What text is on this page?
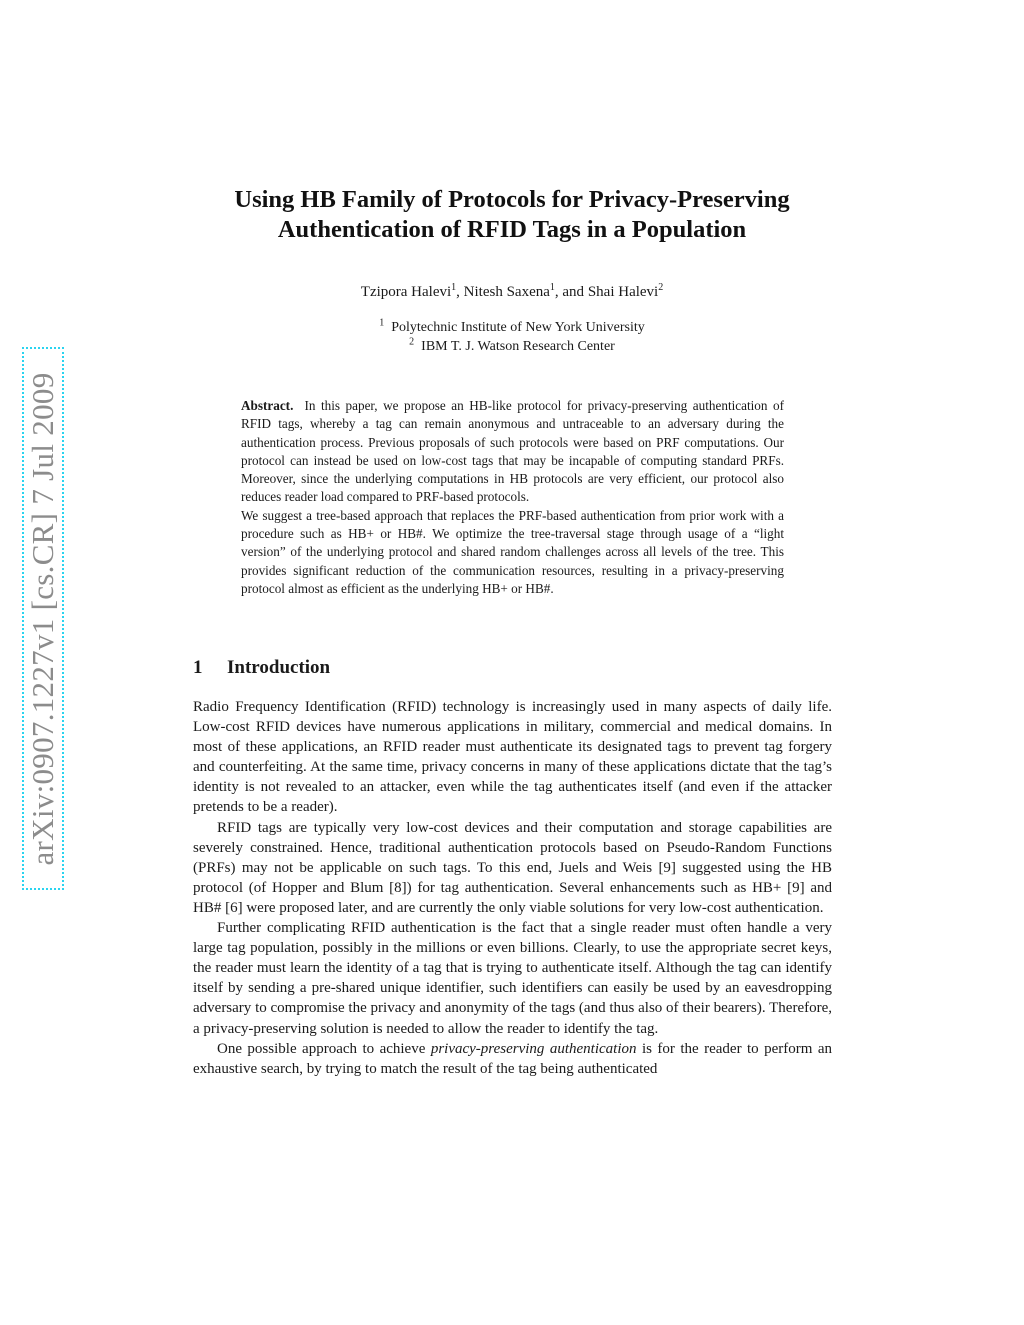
arXiv:0907.1227v1 [cs.CR] 7 Jul 2009
Using HB Family of Protocols for Privacy-Preserving
Authentication of RFID Tags in a Population
Tzipora Halevi$^1$, Nitesh Saxena$^1$, and Shai Halevi$^2$
$^1$ Polytechnic Institute of New York University
$^2$ IBM T. J. Watson Research Center

Abstract. In this paper, we propose an HB-like protocol for privacy-preserving authentication of RFID tags, whereby a tag can remain anonymous and untraceable to an adversary during the authentication process. Previous proposals of such protocols were based on PRF computations. Our protocol can instead be used on low-cost tags that may be incapable of computing standard PRFs. Moreover, since the underlying computations in HB protocols are very efficient, our protocol also reduces reader load compared to PRF-based protocols.

We suggest a tree-based approach that replaces the PRF-based authentication from prior work with a procedure such as HB+ or HB#. We optimize the tree-traversal stage through usage of a “light version” of the underlying protocol and shared random challenges across all levels of the tree. This provides significant reduction of the communication resources, resulting in a privacy-preserving protocol almost as efficient as the underlying HB+ or HB#.

1 Introduction

Radio Frequency Identification (RFID) technology is increasingly used in many aspects of daily life. Low-cost RFID devices have numerous applications in military, commercial and medical domains. In most of these applications, an RFID reader must authenticate its designated tags to prevent tag forgery and counterfeiting. At the same time, privacy concerns in many of these applications dictate that the tag’s identity is not revealed to an attacker, even while the tag authenticates itself (and even if the attacker pretends to be a reader).

RFID tags are typically very low-cost devices and their computation and storage capabilities are severely constrained. Hence, traditional authentication protocols based on Pseudo-Random Functions (PRFs) may not be applicable on such tags. To this end, Juels and Weis [9] suggested using the HB protocol (of Hopper and Blum [8]) for tag authentication. Several enhancements such as HB+ [9] and HB# [6] were proposed later, and are currently the only viable solutions for very low-cost authentication.

Further complicating RFID authentication is the fact that a single reader must often handle a very large tag population, possibly in the millions or even billions. Clearly, to use the appropriate secret keys, the reader must learn the identity of a tag that is trying to authenticate itself. Although the tag can identify itself by sending a pre-shared unique identifier, such identifiers can easily be used by an eavesdropping adversary to compromise the privacy and anonymity of the tags (and thus also of their bearers). Therefore, a privacy-preserving solution is needed to allow the reader to identify the tag.

One possible approach to achieve privacy-preserving authentication is for the reader to perform an exhaustive search, by trying to match the result of the tag being authenticated
